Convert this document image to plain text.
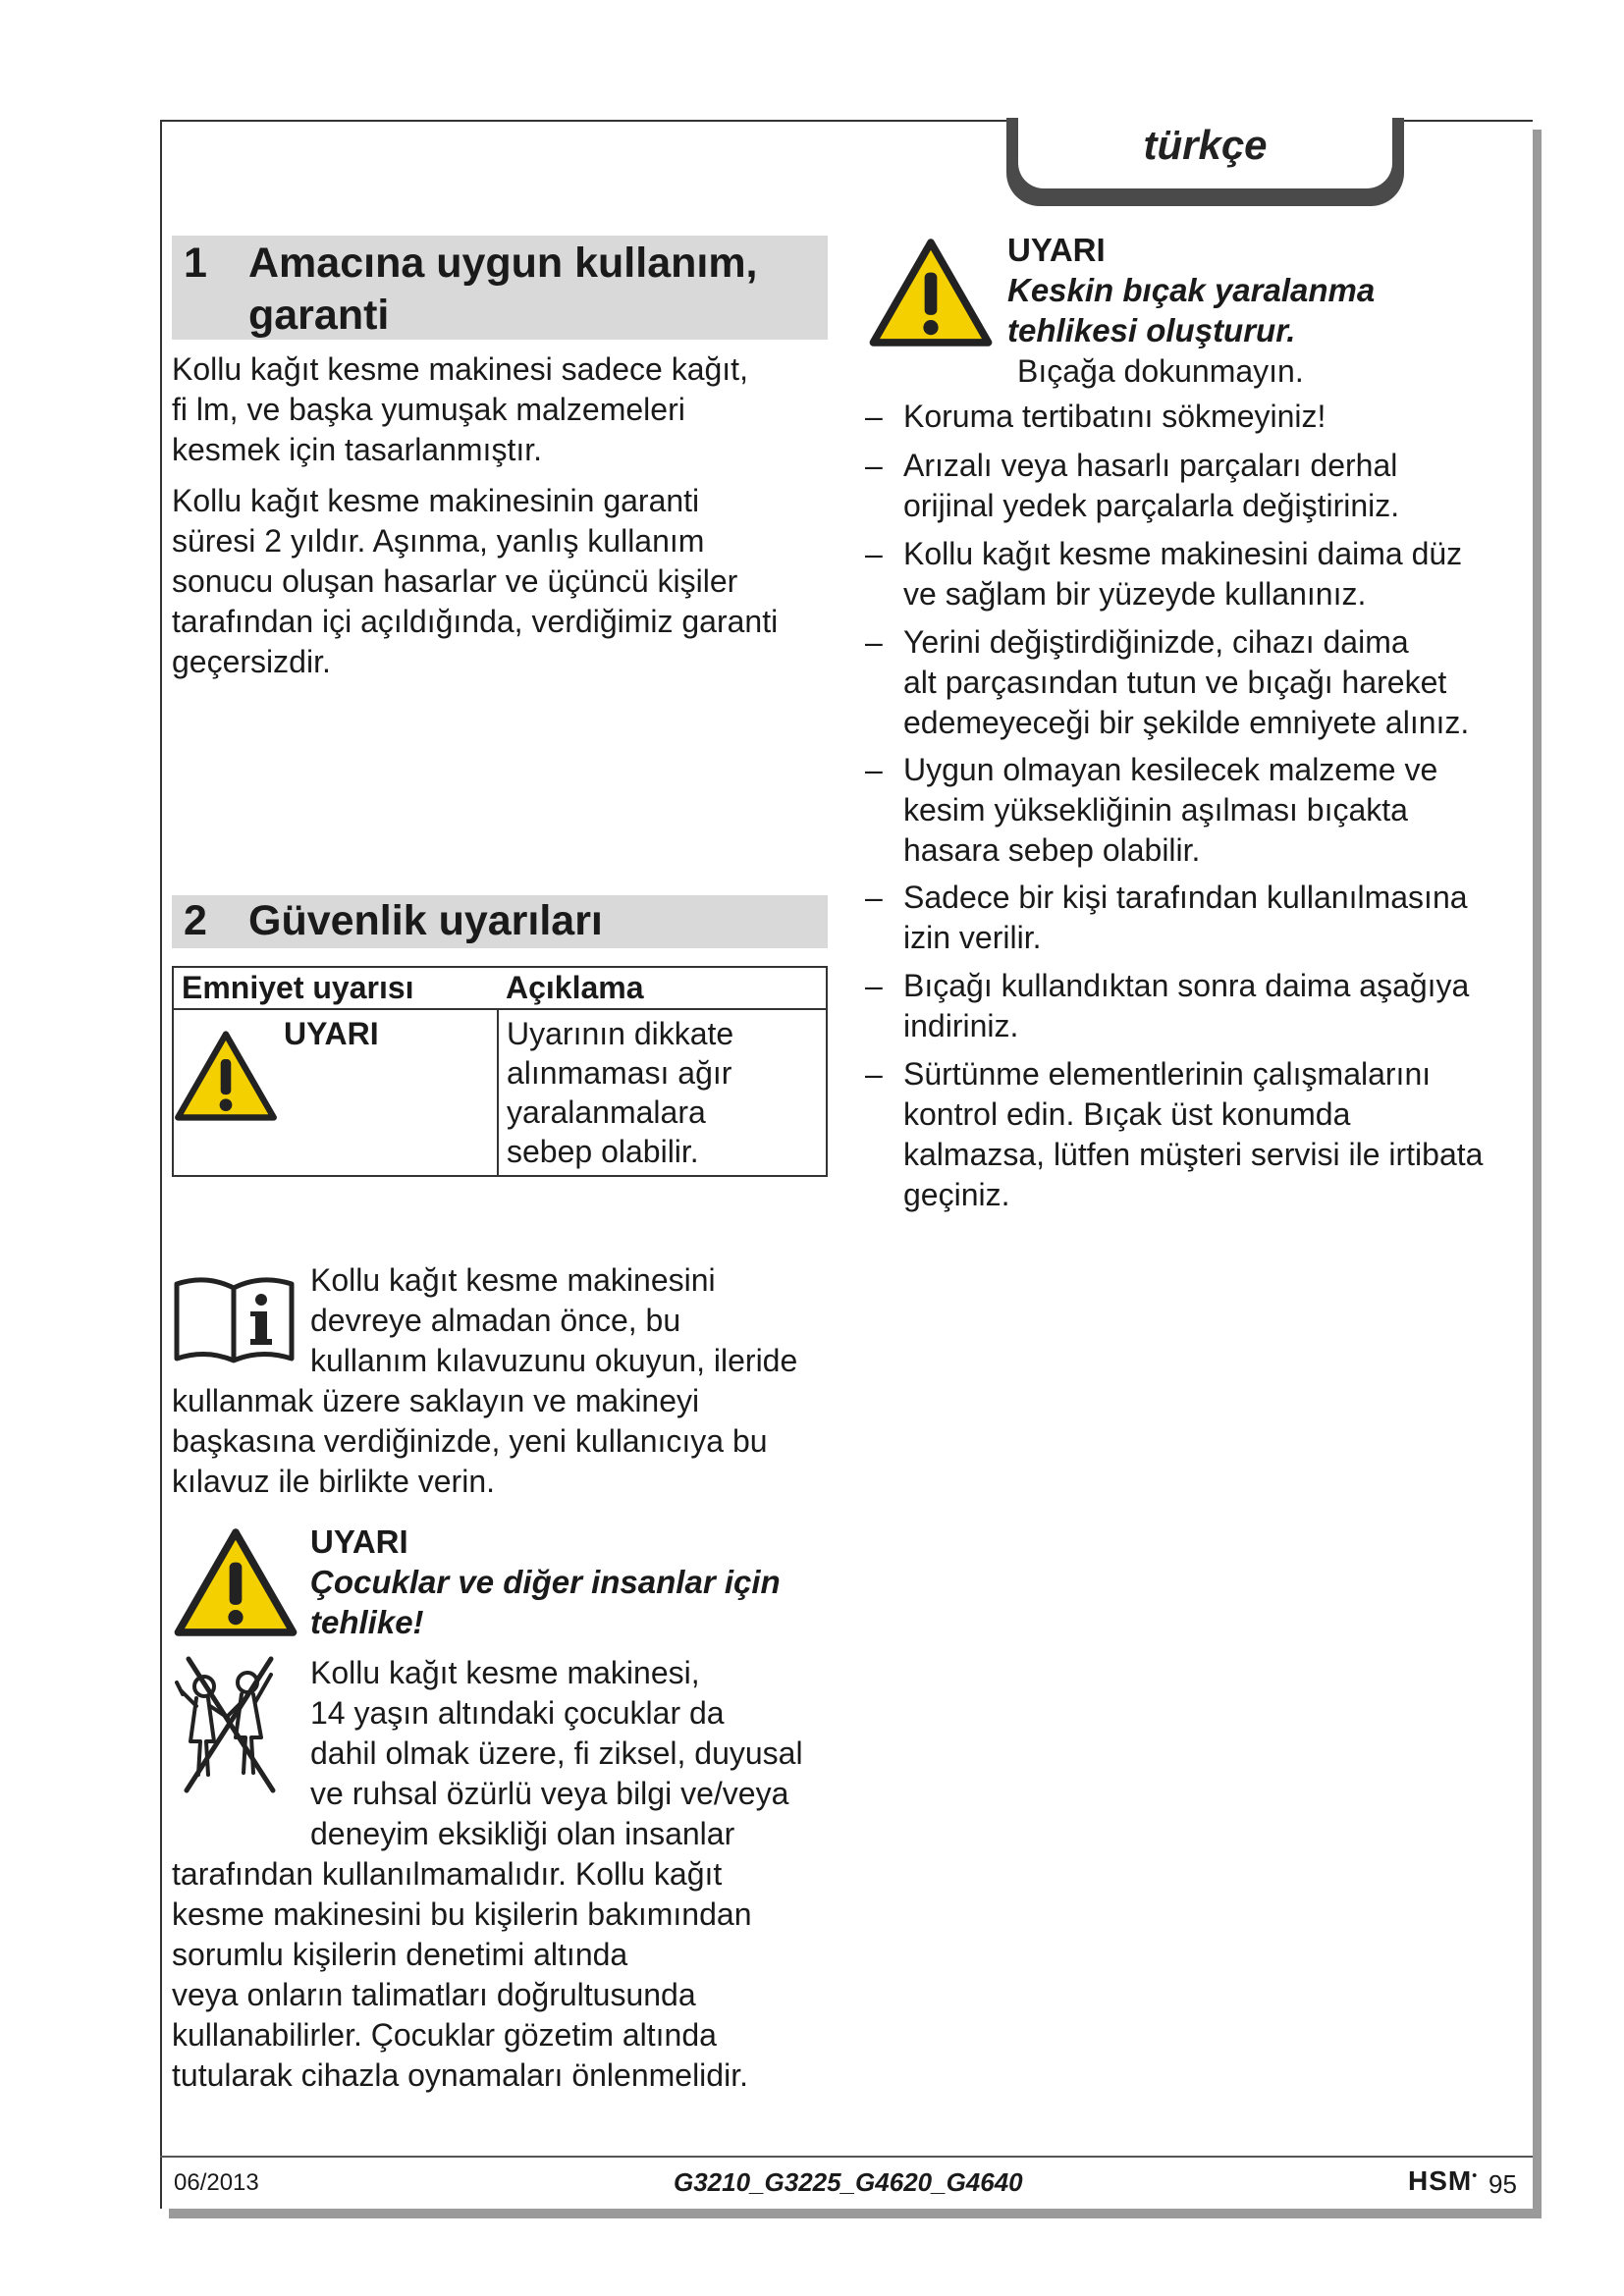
türkçe
1 Amacına uygun kullanım,
garanti
Kollu kağıt kesme makinesi sadece kağıt,
fi lm, ve başka yumuşak malzemeleri
kesmek için tasarlanmıştır.
Kollu kağıt kesme makinesinin garanti
süresi 2 yıldır. Aşınma, yanlış kullanım
sonucu oluşan hasarlar ve üçüncü kişiler
tarafından içi açıldığında, verdiğimiz garanti
geçersizdir.
2 Güvenlik uyarıları
Emniyet uyarısı	Açıklama

UYARI	Uyarının dikkate
alınmaması ağır
yaralanmalara
sebep olabilir.
Kollu kağıt kesme makinesini
devreye almadan önce, bu
kullanım kılavuzunu okuyun, ileride
kullanmak üzere saklayın ve makineyi
başkasına verdiğinizde, yeni kullanıcıya bu
kılavuz ile birlikte verin.
UYARI
Çocuklar ve diğer insanlar için
tehlike!
Kollu kağıt kesme makinesi,
14 yaşın altındaki çocuklar da
dahil olmak üzere, fi ziksel, duyusal
ve ruhsal özürlü veya bilgi ve/veya
deneyim eksikliği olan insanlar
tarafından kullanılmamalıdır. Kollu kağıt
kesme makinesini bu kişilerin bakımından
sorumlu kişilerin denetimi altında
veya onların talimatları doğrultusunda
kullanabilirler. Çocuklar gözetim altında
tutularak cihazla oynamaları önlenmelidir.
UYARI
Keskin bıçak yaralanma
tehlikesi oluşturur.
Bıçağa dokunmayın.
– Koruma tertibatını sökmeyiniz!
– Arızalı veya hasarlı parçaları derhal
orijinal yedek parçalarla değiştiriniz.
– Kollu kağıt kesme makinesini daima düz
ve sağlam bir yüzeyde kullanınız.
– Yerini değiştirdiğinizde, cihazı daima
alt parçasından tutun ve bıçağı hareket
edemeyeceği bir şekilde emniyete alınız.
– Uygun olmayan kesilecek malzeme ve
kesim yüksekliğinin aşılması bıçakta
hasara sebep olabilir.
– Sadece bir kişi tarafından kullanılmasına
izin verilir.
– Bıçağı kullandıktan sonra daima aşağıya
indiriniz.
– Sürtünme elementlerinin çalışmalarını
kontrol edin. Bıçak üst konumda
kalmazsa, lütfen müşteri servisi ile irtibata
geçiniz.
06/2013	G3210_G3225_G4620_G4640	HSM• 95
